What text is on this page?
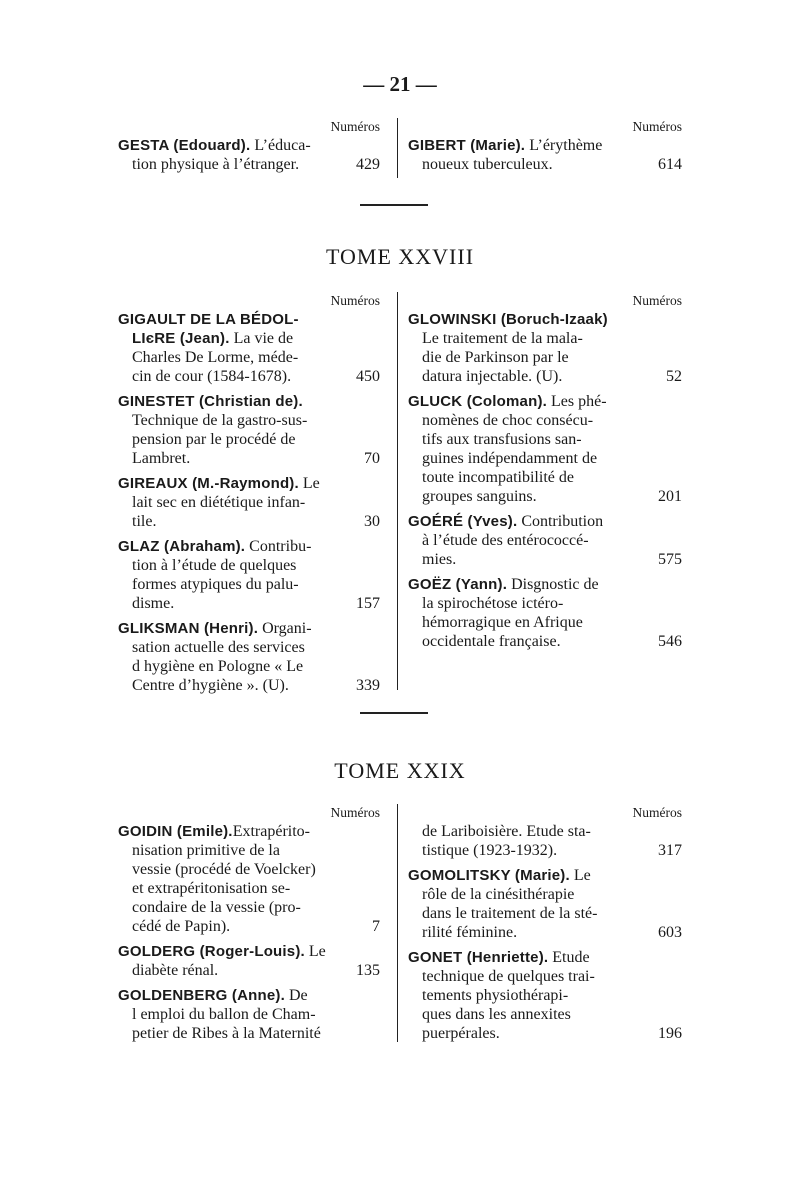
— 21 —
Numéros
GESTA (Edouard). L’éduca-
tion physique à l’étranger.	429
Numéros
GIBERT (Marie). L’érythème
noueux tuberculeux.	614
TOME XXVIII
Numéros
GIGAULT DE LA BÉDOL-
LIєRE (Jean). La vie de
Charles De Lorme, méde-
cin de cour (1584-1678).	450
GINESTET (Christian de).
Technique de la gastro-sus-
pension par le procédé de
Lambret.	70
GIREAUX (M.-Raymond). Le
lait sec en diététique infan-
tile.	30
GLAZ (Abraham). Contribu-
tion à l’étude de quelques
formes atypiques du palu-
disme.	157
GLIKSMAN (Henri). Organi-
sation actuelle des services
d hygiène en Pologne « Le
Centre d’hygiène ». (U).	339
Numéros
GLOWINSKI (Boruch-Izaak)
Le traitement de la mala-
die de Parkinson par le
datura injectable. (U).	52
GLUCK (Coloman). Les phé-
nomènes de choc consécu-
tifs aux transfusions san-
guines indépendamment de
toute incompatibilité de
groupes sanguins.	201
GOÉRÉ (Yves). Contribution
à l’étude des entérococcé-
mies.	575
GOËZ (Yann). Disgnostic de
la spirochétose ictéro-
hémorragique en Afrique
occidentale française.	546
TOME XXIX
Numéros
GOIDIN (Emile).Extrapérito-
nisation primitive de la
vessie (procédé de Voelcker)
et extrapéritonisation se-
condaire de la vessie (pro-
cédé de Papin).	7
GOLDERG (Roger-Louis). Le
diabète rénal.	135
GOLDENBERG (Anne). De
l emploi du ballon de Cham-
petier de Ribes à la Maternité
Numéros
de Lariboisière. Etude sta-
tistique (1923-1932).	317
GOMOLITSKY (Marie). Le
rôle de la cinésithérapie
dans le traitement de la sté-
rilité féminine.	603
GONET (Henriette). Etude
technique de quelques trai-
tements physiothérapi-
ques dans les annexites
puerpérales.	196
